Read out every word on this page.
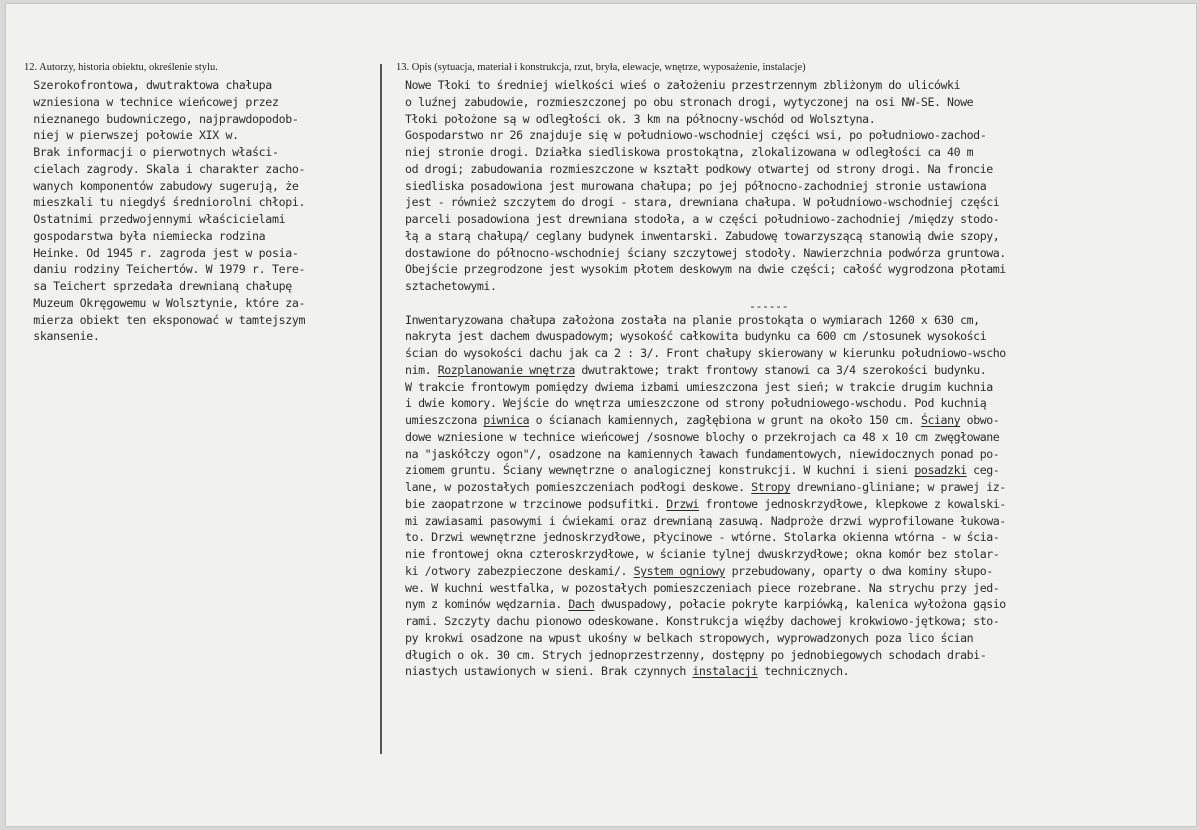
12. Autorzy, historia obiektu, określenie stylu.
Szerokofrontowa, dwutraktowa chałupa
wzniesiona w technice wieńcowej przez
nieznanego budowniczego, najprawdopodob-
niej w pierwszej połowie XIX w.
Brak informacji o pierwotnych właści-
cielach zagrody. Skala i charakter zacho-
wanych komponentów zabudowy sugerują, że
mieszkali tu niegdyś średniorolni chłopi.
Ostatnimi przedwojennymi właścicielami
gospodarstwa była niemiecka rodzina
Heinke. Od 1945 r. zagroda jest w posia-
daniu rodziny Teichertów. W 1979 r. Tere-
sa Teichert sprzedała drewnianą chałupę
Muzeum Okręgowemu w Wolsztynie, które za-
mierza obiekt ten eksponować w tamtejszym
skansenie.
13. Opis (sytuacja, materiał i konstrukcja, rzut, bryła, elewacje, wnętrze, wyposażenie, instalacje)
Nowe Tłoki to średniej wielkości wieś o założeniu przestrzennym zbliżonym do ulicówki
o luźnej zabudowie, rozmieszczonej po obu stronach drogi, wytyczonej na osi NW-SE. Nowe
Tłoki położone są w odległości ok. 3 km na północny-wschód od Wolsztyna.
Gospodarstwo nr 26 znajduje się w południowo-wschodniej części wsi, po południowo-zachod-
niej stronie drogi. Działka siedliskowa prostokątna, zlokalizowana w odległości ca 40 m
od drogi; zabudowania rozmieszczone w kształt podkowy otwartej od strony drogi. Na froncie
siedliska posadowiona jest murowana chałupa; po jej północno-zachodniej stronie ustawiona
jest - również szczytem do drogi - stara, drewniana chałupa. W południowo-wschodniej części
parceli posadowiona jest drewniana stodoła, a w części południowo-zachodniej /między stodo-
łą a starą chałupą/ ceglany budynek inwentarski. Zabudowę towarzyszącą stanowią dwie szopy,
dostawione do północno-wschodniej ściany szczytowej stodoły. Nawierzchnia podwórza gruntowa.
Obejście przegrodzone jest wysokim płotem deskowym na dwie części; całość wygrodzona płotami
sztachetowymi.
------
Inwentaryzowana chałupa założona została na planie prostokąta o wymiarach 1260 x 630 cm,
nakryta jest dachem dwuspadowym; wysokość całkowita budynku ca 600 cm /stosunek wysokości
ścian do wysokości dachu jak ca 2 : 3/. Front chałupy skierowany w kierunku południowo-wscho
nim. Rozplanowanie wnętrza dwutraktowe; trakt frontowy stanowi ca 3/4 szerokości budynku.
W trakcie frontowym pomiędzy dwiema izbami umieszczona jest sień; w trakcie drugim kuchnia
i dwie komory. Wejście do wnętrza umieszczone od strony południowego-wschodu. Pod kuchnią
umieszczona piwnica o ścianach kamiennych, zagłębiona w grunt na około 150 cm. Ściany obwo-
dowe wzniesione w technice wieńcowej /sosnowe blochy o przekrojach ca 48 x 10 cm zwęgłowane
na "jaskółczy ogon"/, osadzone na kamiennych ławach fundamentowych, niewidocznych ponad po-
ziomem gruntu. Ściany wewnętrzne o analogicznej konstrukcji. W kuchni i sieni posadzki ceg-
lane, w pozostałych pomieszczeniach podłogi deskowe. Stropy drewniano-gliniane; w prawej iz-
bie zaopatrzone w trzcinowe podsufitki. Drzwi frontowe jednoskrzydłowe, klepkowe z kowalski-
mi zawiasami pasowymi i ćwiekami oraz drewnianą zasuwą. Nadproże drzwi wyprofilowane łukowa-
to. Drzwi wewnętrzne jednoskrzydłowe, płycinowe - wtórne. Stolarka okienna wtórna - w ścia-
nie frontowej okna czteroskrzydłowe, w ścianie tylnej dwuskrzydłowe; okna komór bez stolar-
ki /otwory zabezpieczone deskami/. System ogniowy przebudowany, oparty o dwa kominy słupo-
we. W kuchni westfalka, w pozostałych pomieszczeniach piece rozebrane. Na strychu przy jed-
nym z kominów wędzarnia. Dach dwuspadowy, połacie pokryte karpiówką, kalenica wyłożona gąsio
rami. Szczyty dachu pionowo odeskowane. Konstrukcja więźby dachowej krokwiowo-jętkowa; sto-
py krokwi osadzone na wpust ukośny w belkach stropowych, wyprowadzonych poza lico ścian
długich o ok. 30 cm. Strych jednoprzestrzenny, dostępny po jednobiegowych schodach drabi-
niastych ustawionych w sieni. Brak czynnych instalacji technicznych.
